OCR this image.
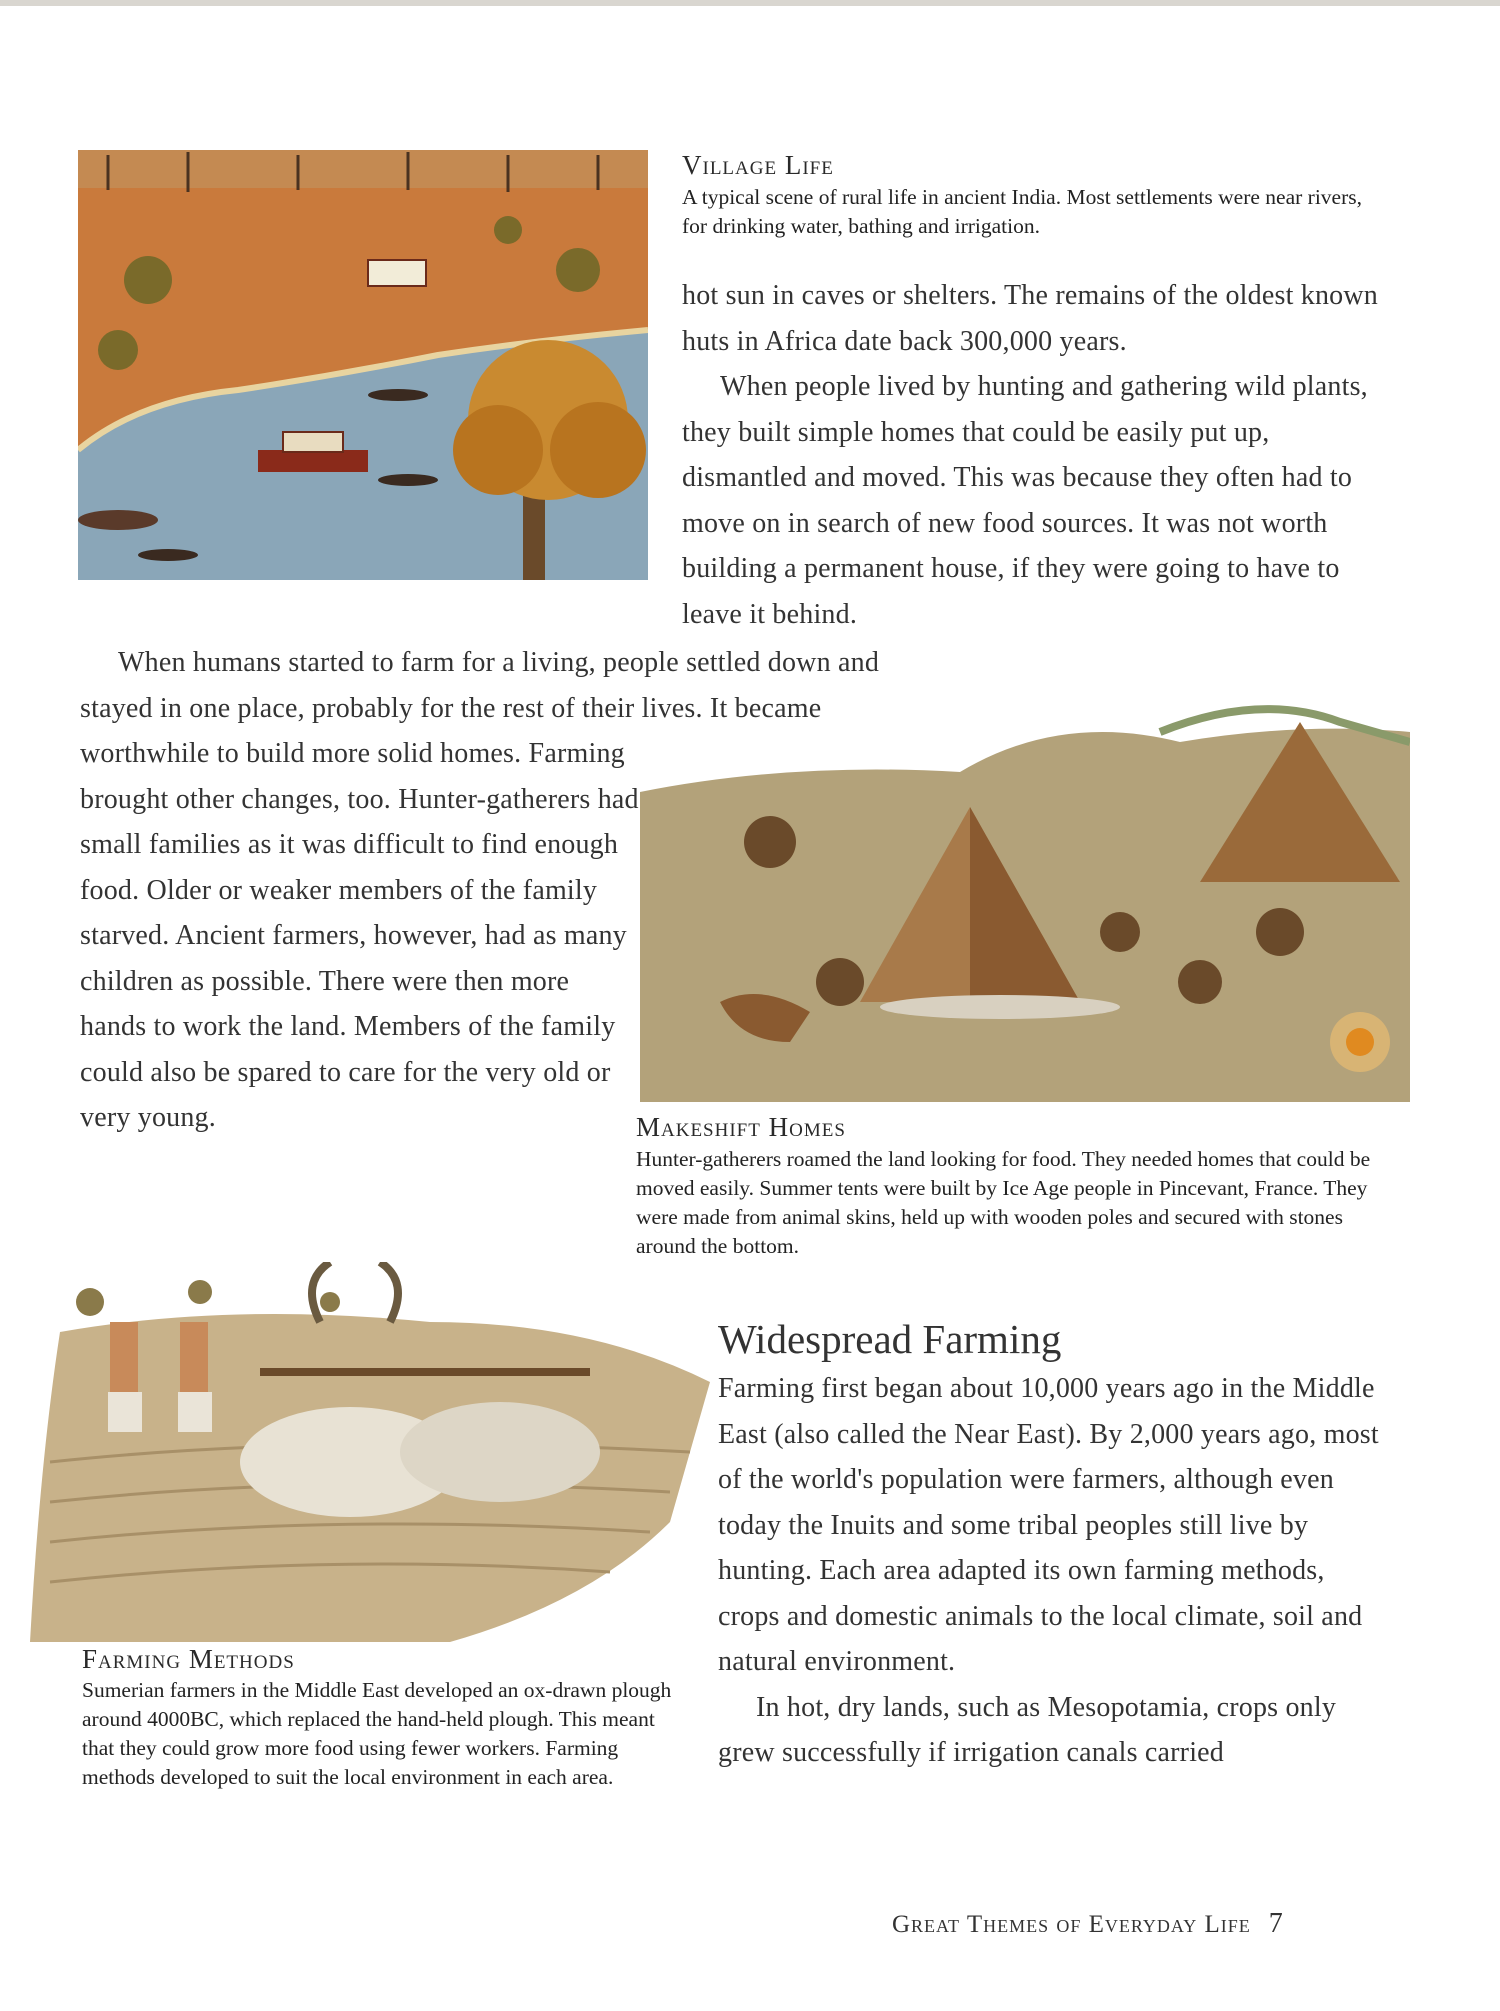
Village Life
A typical scene of rural life in ancient India. Most settlements were near rivers, for drinking water, bathing and irrigation.

hot sun in caves or shelters. The remains of the oldest known huts in Africa date back 300,000 years.

When people lived by hunting and gathering wild plants, they built simple homes that could be easily put up, dismantled and moved. This was because they often had to move on in search of new food sources. It was not worth building a permanent house, if they were going to have to leave it behind.

When humans started to farm for a living, people settled down and

stayed in one place, probably for the rest of their lives. It became

worthwhile to build more solid homes. Farming

brought other changes, too. Hunter-gatherers had small families as it was difficult to find enough food. Older or weaker members of the family starved. Ancient farmers, however, had as many children as possible. There were then more hands to work the land. Members of the family could also be spared to care for the very old or very young.	Makeshift Homes
Hunter-gatherers roamed the land looking for food. They needed homes that could be moved easily. Summer tents were built by Ice Age people in Pincevant, France. They were made from animal skins, held up with wooden poles and secured with stones around the bottom.
Farming Methods
Sumerian farmers in the Middle East developed an ox-drawn plough around 4000BC, which replaced the hand-held plough. This meant that they could grow more food using fewer workers. Farming methods developed to suit the local environment in each area.
Widespread Farming

Farming first began about 10,000 years ago in the Middle East (also called the Near East). By 2,000 years ago, most of the world's population were farmers, although even today the Inuits and some tribal peoples still live by hunting. Each area adapted its own farming methods, crops and domestic animals to the local climate, soil and natural environment.

In hot, dry lands, such as Mesopotamia, crops only grew successfully if irrigation canals carried

Great Themes of Everyday Life 7
